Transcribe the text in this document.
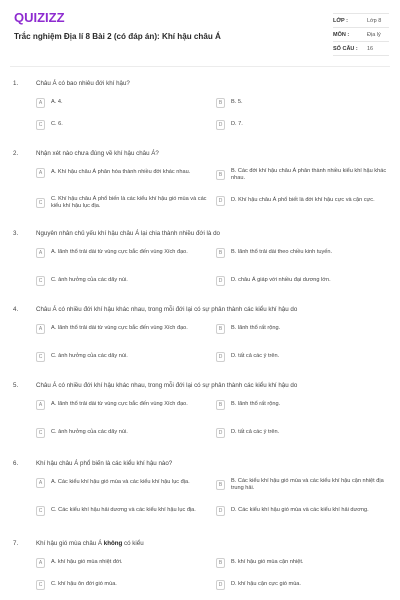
QUIZIZZ
Trắc nghiệm Địa lí 8 Bài 2 (có đáp án): Khí hậu châu Á
LỚP :	Lớp 8
MÔN :	Địa lý
SỐ CÂU :	16
1.	Châu Á có bao nhiêu đới khí hậu?
A	A. 4.	B	B. 5.
C	C. 6.	D	D. 7.
2.	Nhận xét nào chưa đúng về khí hậu châu Á?
A	A. Khí hậu châu Á phân hóa thành nhiều đới khác nhau.
B
B. Các đới khí hậu châu Á phân thành nhiều kiểu khí hậu khác nhau.
C
C. Khí hậu châu Á phổ biến là các kiểu khí hậu gió mùa và các kiểu khí hậu lục địa.
D	D. Khí hậu châu Á phổ biết là đới khí hậu cực và cận cực.
3.	Nguyên nhân chủ yếu khí hậu châu Á lại chia thành nhiều đới là do
A	A. lãnh thổ trải dài từ vùng cực bắc đến vùng Xích đạo.	B	B. lãnh thổ trải dài theo chiều kinh tuyến.
C	C. ảnh hưởng của các dãy núi.	D	D. châu Á giáp với nhiều đại dương lớn.
4.	Châu Á có nhiều đới khí hậu khác nhau, trong mỗi đới lại có sự phân thành các kiểu khí hậu do
A	A. lãnh thổ trải dài từ vùng cực bắc đến vùng Xích đạo.	B	B. lãnh thổ rất rộng.
C	C. ảnh hưởng của các dãy núi.	D	D. tất cả các ý trên.
5.	Châu Á có nhiều đới khí hậu khác nhau, trong mỗi đới lại có sự phân thành các kiểu khí hậu do
A	A. lãnh thổ trải dài từ vùng cực bắc đến vùng Xích đạo.	B	B. lãnh thổ rất rộng.
C	C. ảnh hưởng của các dãy núi.	D	D. tất cả các ý trên.
6.	Khí hậu châu Á phổ biến là các kiểu khí hậu nào?
A	A. Các kiểu khí hậu gió mùa và các kiểu khí hậu lục địa.
B
B. Các kiểu khí hậu gió mùa và các kiểu khí hậu cận nhiệt địa trung hải.
C	C. Các kiểu khí hậu hải dương và các kiểu khí hậu lục địa.	D	D. Các kiểu khí hậu gió mùa và các kiểu khí hải dương.
7.	Khí hậu gió mùa châu Á không có kiểu
A	A. khí hậu gió mùa nhiệt đới.	B	B. khí hậu gió mùa cận nhiệt.
C	C. khí hậu ôn đới gió mùa.	D	D. khí hậu cận cực gió mùa.
